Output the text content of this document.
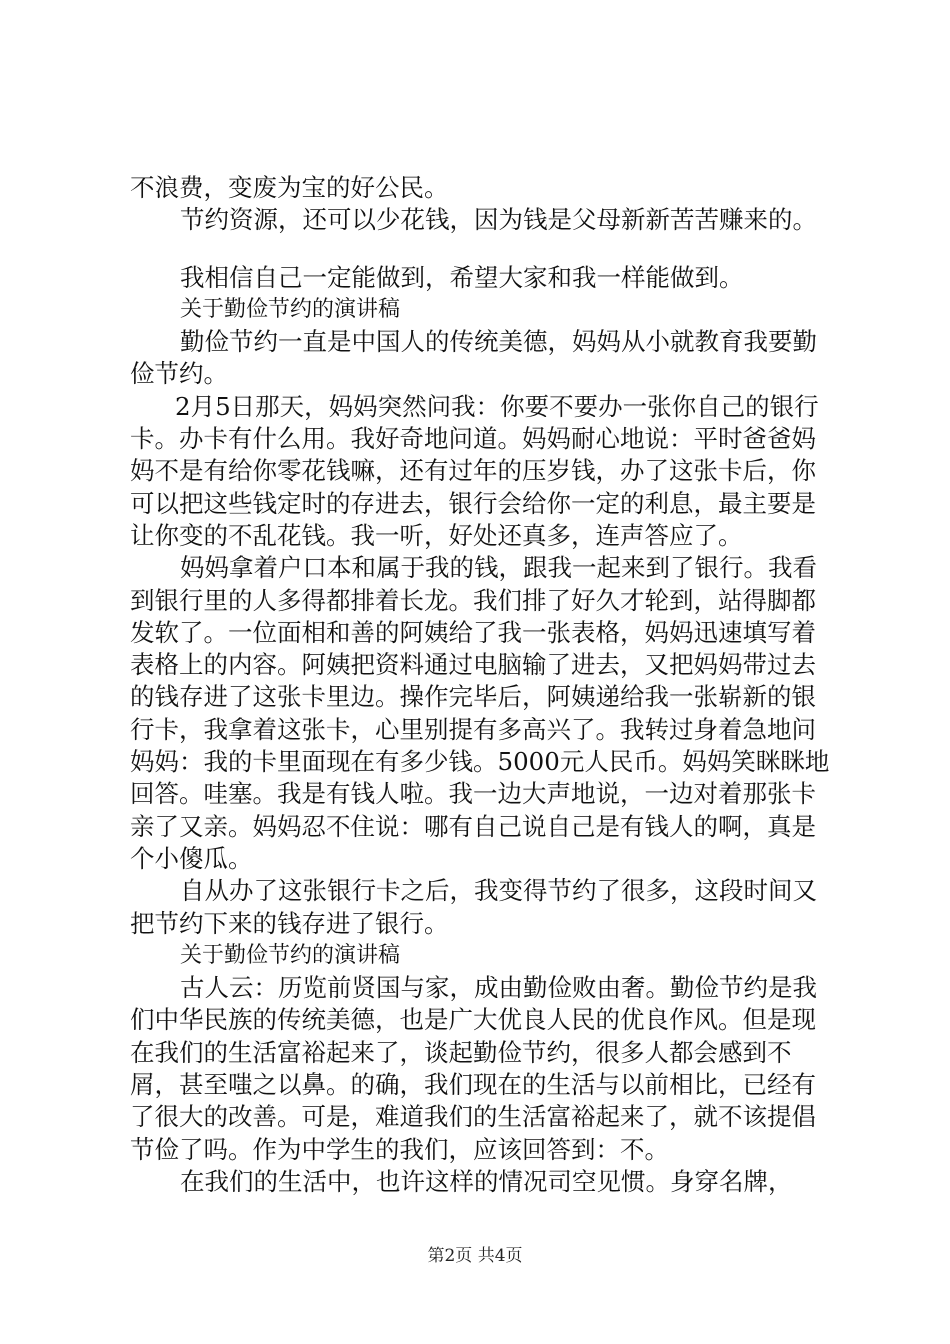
不浪费，变废为宝的好公民。

节约资源，还可以少花钱，因为钱是父母新新苦苦赚来的。

我相信自己一定能做到，希望大家和我一样能做到。

关于勤俭节约的演讲稿

勤俭节约一直是中国人的传统美德，妈妈从小就教育我要勤俭节约。

2月5日那天，妈妈突然问我：你要不要办一张你自己的银行卡。办卡有什么用。我好奇地问道。妈妈耐心地说：平时爸爸妈妈不是有给你零花钱嘛，还有过年的压岁钱，办了这张卡后，你可以把这些钱定时的存进去，银行会给你一定的利息，最主要是让你变的不乱花钱。我一听，好处还真多，连声答应了。

妈妈拿着户口本和属于我的钱，跟我一起来到了银行。我看到银行里的人多得都排着长龙。我们排了好久才轮到，站得脚都发软了。一位面相和善的阿姨给了我一张表格，妈妈迅速填写着表格上的内容。阿姨把资料通过电脑输了进去，又把妈妈带过去的钱存进了这张卡里边。操作完毕后，阿姨递给我一张崭新的银行卡，我拿着这张卡，心里别提有多高兴了。我转过身着急地问妈妈：我的卡里面现在有多少钱。5000元人民币。妈妈笑眯眯地回答。哇塞。我是有钱人啦。我一边大声地说，一边对着那张卡亲了又亲。妈妈忍不住说：哪有自己说自己是有钱人的啊，真是个小傻瓜。

自从办了这张银行卡之后，我变得节约了很多，这段时间又把节约下来的钱存进了银行。

关于勤俭节约的演讲稿

古人云：历览前贤国与家，成由勤俭败由奢。勤俭节约是我们中华民族的传统美德，也是广大优良人民的优良作风。但是现在我们的生活富裕起来了，谈起勤俭节约，很多人都会感到不屑，甚至嗤之以鼻。的确，我们现在的生活与以前相比，已经有了很大的改善。可是，难道我们的生活富裕起来了，就不该提倡节俭了吗。作为中学生的我们，应该回答到：不。

在我们的生活中，也许这样的情况司空见惯。身穿名牌，

第2页 共4页
